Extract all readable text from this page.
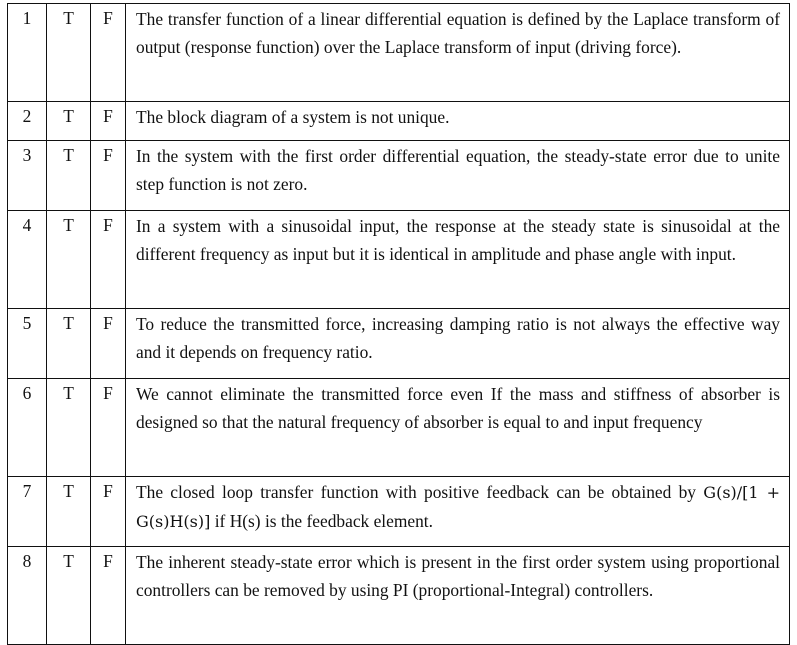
1	T	F	The transfer function of a linear differential equation is defined by the Laplace transform of output (response function) over the Laplace transform of input (driving force).
2	T	F	The block diagram of a system is not unique.
3	T	F	In the system with the first order differential equation, the steady-state error due to unite step function is not zero.
4	T	F	In a system with a sinusoidal input, the response at the steady state is sinusoidal at the different frequency as input but it is identical in amplitude and phase angle with input.
5	T	F	To reduce the transmitted force, increasing damping ratio is not always the effective way and it depends on frequency ratio.
6	T	F	We cannot eliminate the transmitted force even If the mass and stiffness of absorber is designed so that the natural frequency of absorber is equal to and input frequency
7	T	F	The closed loop transfer function with positive feedback can be obtained by G(s)/[1 + G(s)H(s)] if H(s) is the feedback element.
8	T	F	The inherent steady-state error which is present in the first order system using proportional controllers can be removed by using PI (proportional-Integral) controllers.
